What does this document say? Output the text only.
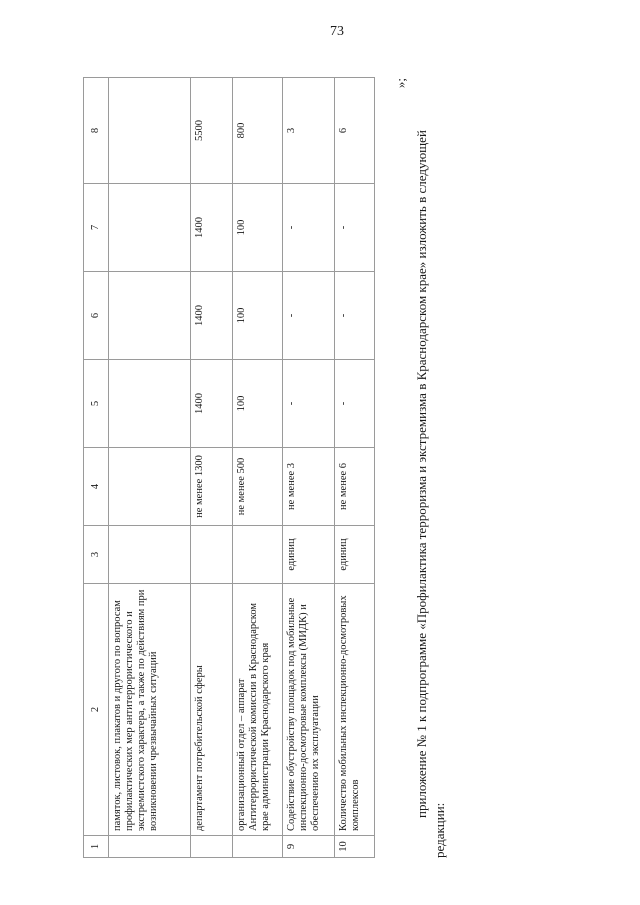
73
1	2	3	4	5	6	7	8
	памяток, листовок, плакатов и другого по вопросам профилактических мер антитеррористического и экстремистского характера, а также по действиям при возникновении чрезвычайных ситуаций						
	департамент потребительской сферы		не менее 1300	1400	1400	1400	5500
	организационный отдел – аппарат Антитеррористической комиссии в Краснодарском крае администрации Краснодарского края		не менее 500	100	100	100	800
9	Содействие обустройству площадок под мобильные инспекционно-досмотровые комплексы (МИДК) и обеспечению их эксплуатации	единиц	не менее 3	-	-	-	3
10	Количество мобильных инспекционно-досмотровых комплексов	единиц	не менее 6	-	-	-	6
»;
приложение № 1 к подпрограмме «Профилактика терроризма и экстремизма в Краснодарском крае» изложить в следующей редакции:
